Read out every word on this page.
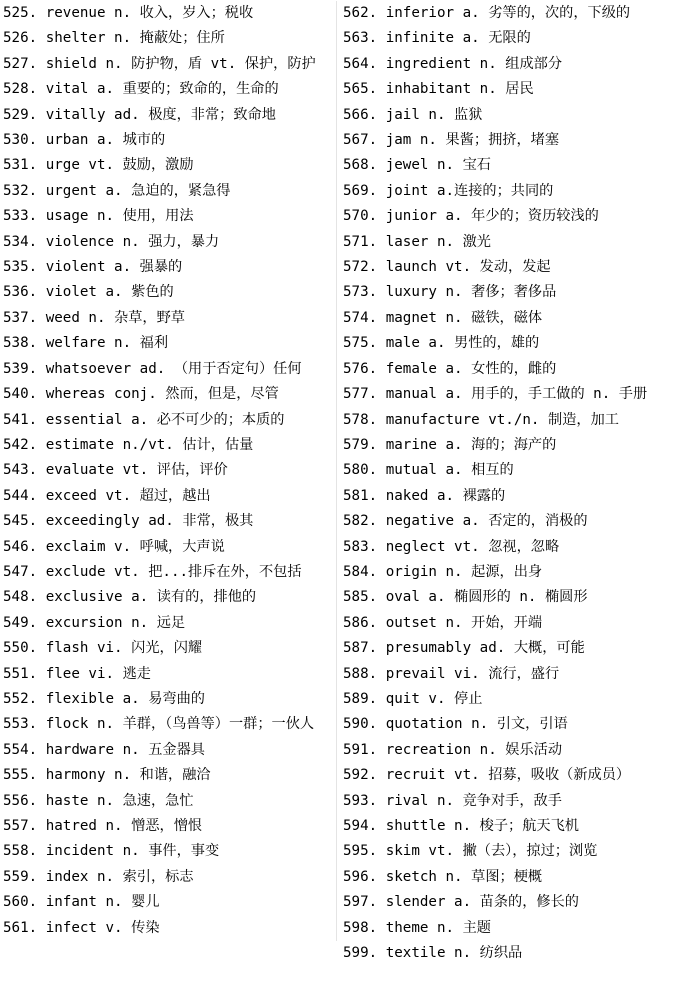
525. revenue n. 收入，岁入；税收
526. shelter n. 掩蔽处；住所
527. shield n. 防护物，盾 vt. 保护，防护
528. vital a. 重要的；致命的，生命的
529. vitally ad. 极度，非常；致命地
530. urban a. 城市的
531. urge vt. 鼓励，激励
532. urgent a. 急迫的，紧急得
533. usage n. 使用，用法
534. violence n. 强力，暴力
535. violent a. 强暴的
536. violet a. 紫色的
537. weed n. 杂草，野草
538. welfare n. 福利
539. whatsoever ad. （用于否定句）任何
540. whereas conj. 然而，但是，尽管
541. essential a. 必不可少的；本质的
542. estimate n./vt. 估计，估量
543. evaluate vt. 评估，评价
544. exceed vt. 超过，越出
545. exceedingly ad. 非常，极其
546. exclaim v. 呼喊，大声说
547. exclude vt. 把...排斥在外，不包括
548. exclusive a. 读有的，排他的
549. excursion n. 远足
550. flash vi. 闪光，闪耀
551. flee vi. 逃走
552. flexible a. 易弯曲的
553. flock n. 羊群，（鸟兽等）一群；一伙人
554. hardware n. 五金器具
555. harmony n. 和谐，融洽
556. haste n. 急速，急忙
557. hatred n. 憎恶，憎恨
558. incident n. 事件，事变
559. index n. 索引，标志
560. infant n. 婴儿
561. infect v. 传染
562. inferior a. 劣等的，次的，下级的
563. infinite a. 无限的
564. ingredient n. 组成部分
565. inhabitant n. 居民
566. jail n. 监狱
567. jam n. 果酱；拥挤，堵塞
568. jewel n. 宝石
569. joint a.连接的；共同的
570. junior a. 年少的；资历较浅的
571. laser n. 激光
572. launch vt. 发动，发起
573. luxury n. 奢侈；奢侈品
574. magnet n. 磁铁，磁体
575. male a. 男性的，雄的
576. female a. 女性的，雌的
577. manual a. 用手的，手工做的 n. 手册
578. manufacture vt./n. 制造，加工
579. marine a. 海的；海产的
580. mutual a. 相互的
581. naked a. 裸露的
582. negative a. 否定的，消极的
583. neglect vt. 忽视，忽略
584. origin n. 起源，出身
585. oval a. 椭圆形的 n. 椭圆形
586. outset n. 开始，开端
587. presumably ad. 大概，可能
588. prevail vi. 流行，盛行
589. quit v. 停止
590. quotation n. 引文，引语
591. recreation n. 娱乐活动
592. recruit vt. 招募，吸收（新成员）
593. rival n. 竞争对手，敌手
594. shuttle n. 梭子；航天飞机
595. skim vt. 撇（去），掠过；浏览
596. sketch n. 草图；梗概
597. slender a. 苗条的，修长的
598. theme n. 主题
599. textile n. 纺织品
